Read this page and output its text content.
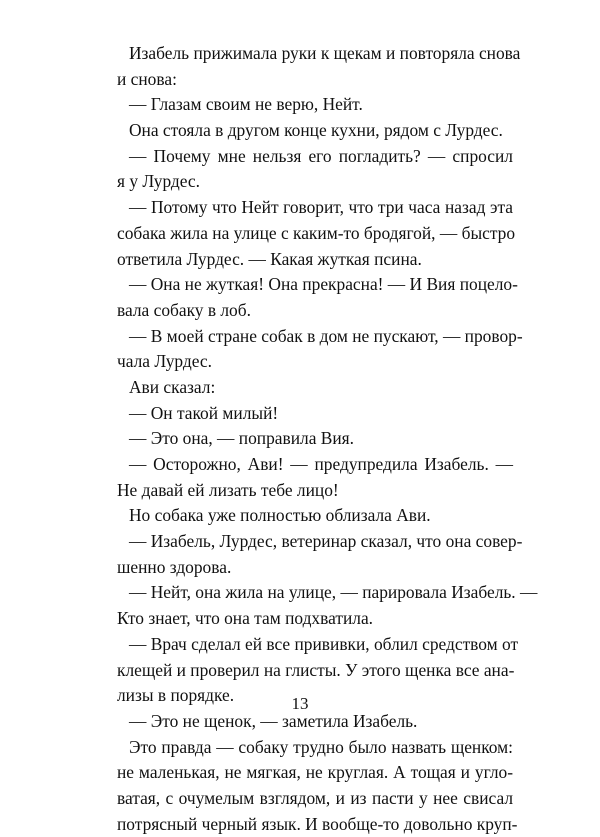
Изабель прижимала руки к щекам и повторяла снова
и снова:
— Глазам своим не верю, Нейт.
Она стояла в другом конце кухни, рядом с Лурдес.
— Почему мне нельзя его погладить? — спросил
я у Лурдес.
— Потому что Нейт говорит, что три часа назад эта
собака жила на улице с каким-то бродягой, — быстро
ответила Лурдес. — Какая жуткая псина.
— Она не жуткая! Она прекрасна! — И Вия поцело-
вала собаку в лоб.
— В моей стране собак в дом не пускают, — провор-
чала Лурдес.
Ави сказал:
— Он такой милый!
— Это она, — поправила Вия.
— Осторожно, Ави! — предупредила Изабель. —
Не давай ей лизать тебе лицо!
Но собака уже полностью облизала Ави.
— Изабель, Лурдес, ветеринар сказал, что она совер-
шенно здорова.
— Нейт, она жила на улице, — парировала Изабель. —
Кто знает, что она там подхватила.
— Врач сделал ей все прививки, облил средством от
клещей и проверил на глисты. У этого щенка все ана-
лизы в порядке.
— Это не щенок, — заметила Изабель.
Это правда — собаку трудно было назвать щенком:
не маленькая, не мягкая, не круглая. А тощая и угло-
ватая, с очумелым взглядом, и из пасти у нее свисал
потрясный черный язык. И вообще-то довольно круп-
13
